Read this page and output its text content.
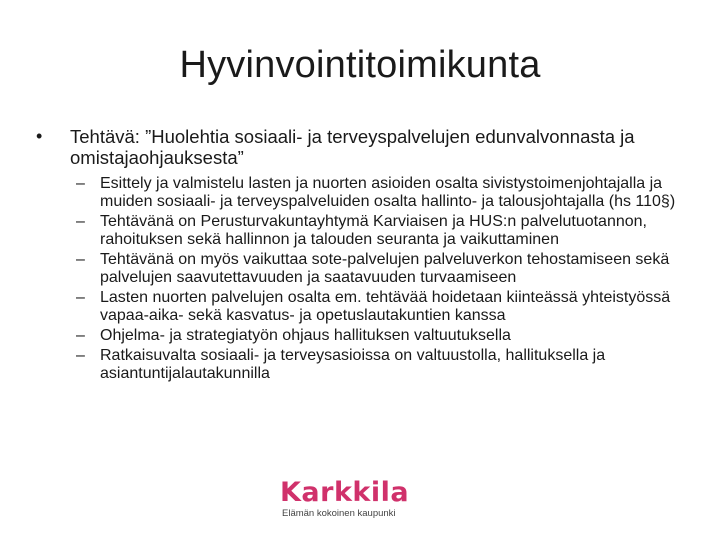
Hyvinvointitoimikunta
• Tehtävä: ”Huolehtia sosiaali- ja terveyspalvelujen edunvalvonnasta ja omistajaohjauksesta”
– Esittely ja valmistelu lasten ja nuorten asioiden osalta sivistystoimenjohtajalla ja muiden sosiaali- ja terveyspalveluiden osalta hallinto- ja talousjohtajalla (hs 110§)
– Tehtävänä on Perusturvakuntayhtymä Karviaisen ja HUS:n palvelutuotannon, rahoituksen sekä hallinnon ja talouden seuranta ja vaikuttaminen
– Tehtävänä on myös vaikuttaa sote-palvelujen palveluverkon tehostamiseen sekä palvelujen saavutettavuuden ja saatavuuden turvaamiseen
– Lasten nuorten palvelujen osalta em. tehtävää hoidetaan kiinteässä yhteistyössä vapaa-aika- sekä kasvatus- ja opetuslautakuntien kanssa
– Ohjelma- ja strategiatyön ohjaus hallituksen valtuutuksella
– Ratkaisuvalta sosiaali- ja terveysasioissa on valtuustolla, hallituksella ja asiantuntijalautakunnilla
Karkkila
Elämän kokoinen kaupunki
